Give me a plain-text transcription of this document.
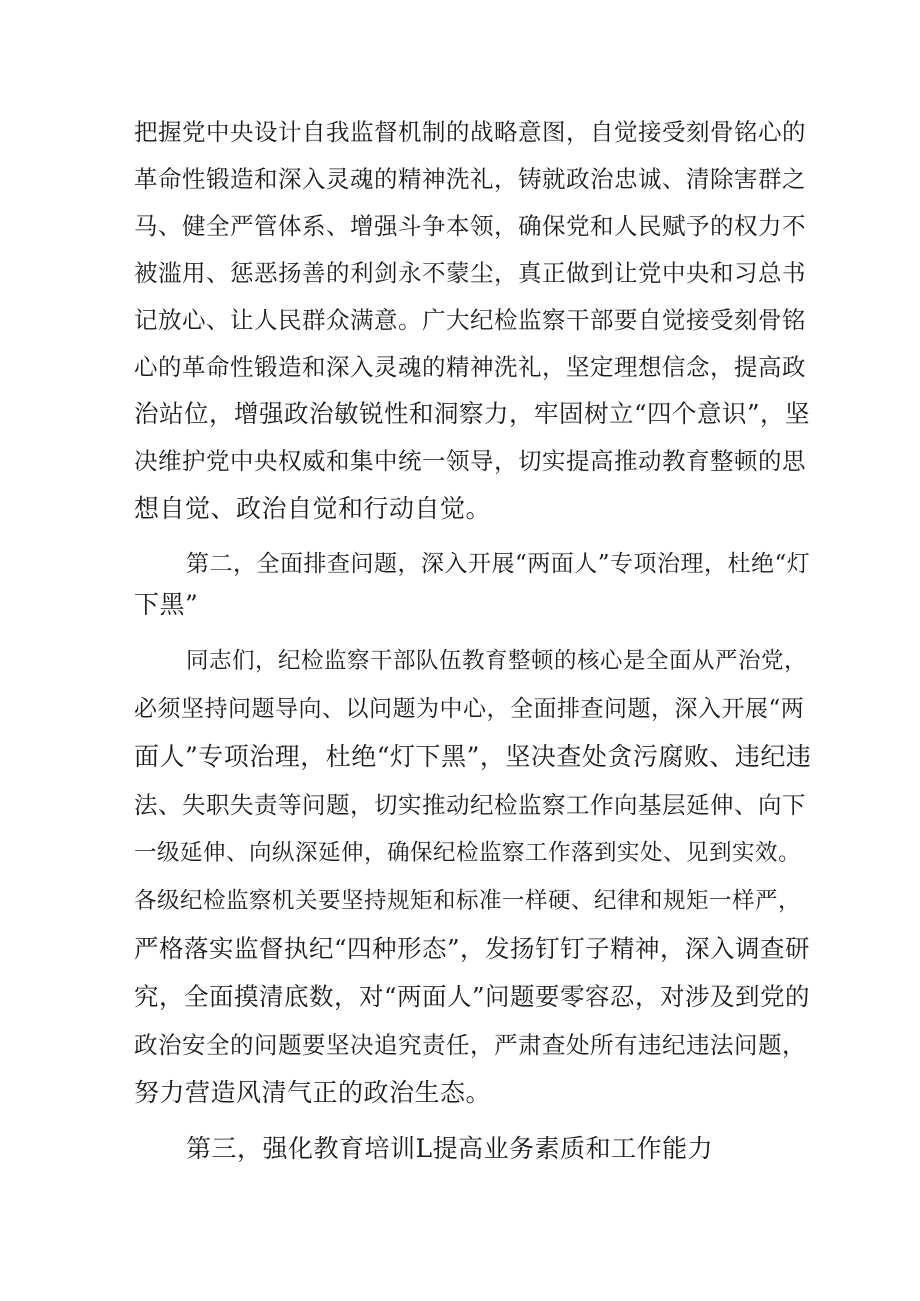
把握党中央设计自我监督机制的战略意图，自觉接受刻骨铭心的
革命性锻造和深入灵魂的精神洗礼，铸就政治忠诚、清除害群之
马、健全严管体系、增强斗争本领，确保党和人民赋予的权力不
被滥用、惩恶扬善的利剑永不蒙尘，真正做到让党中央和习总书
记放心、让人民群众满意。广大纪检监察干部要自觉接受刻骨铭
心的革命性锻造和深入灵魂的精神洗礼，坚定理想信念，提高政
治站位，增强政治敏锐性和洞察力，牢固树立“四个意识”，坚
决维护党中央权威和集中统一领导，切实提高推动教育整顿的思
想自觉、政治自觉和行动自觉。
第二，全面排查问题，深入开展“两面人”专项治理，杜绝“灯
下黑”
同志们，纪检监察干部队伍教育整顿的核心是全面从严治党，
必须坚持问题导向、以问题为中心，全面排查问题，深入开展“两
面人”专项治理，杜绝“灯下黑”，坚决查处贪污腐败、违纪违
法、失职失责等问题，切实推动纪检监察工作向基层延伸、向下
一级延伸、向纵深延伸，确保纪检监察工作落到实处、见到实效。
各级纪检监察机关要坚持规矩和标准一样硬、纪律和规矩一样严，
严格落实监督执纪“四种形态”，发扬钉钉子精神，深入调查研
究，全面摸清底数，对“两面人”问题要零容忍，对涉及到党的
政治安全的问题要坚决追究责任，严肃查处所有违纪违法问题，
努力营造风清气正的政治生态。
第三，强化教育培训L提高业务素质和工作能力
